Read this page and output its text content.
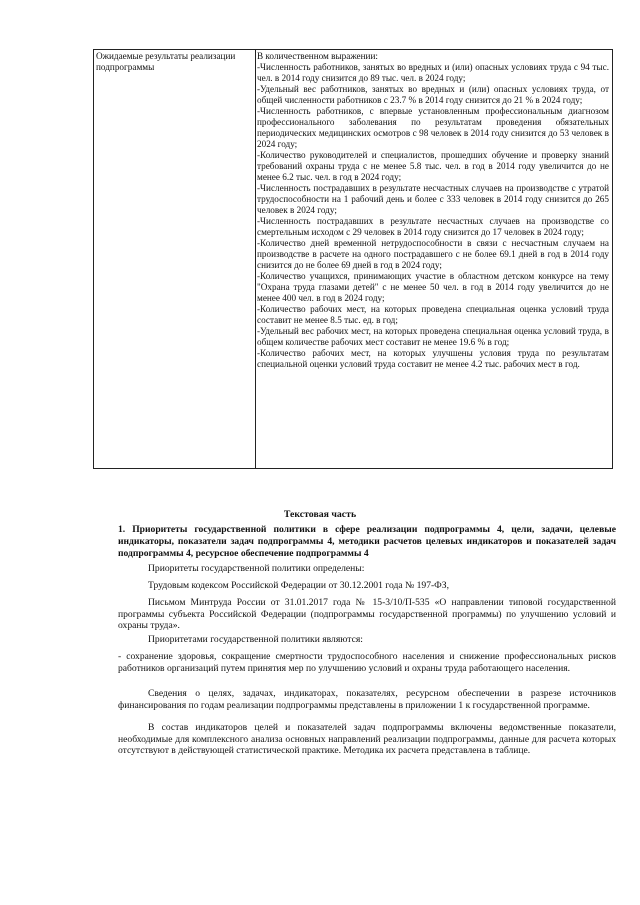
Ожидаемые результаты реализации подпрограммы

В количественном выражении:

-Численность работников, занятых во вредных и (или) опасных условиях труда с 94 тыс. чел. в 2014 году снизится до 89 тыс. чел. в 2024 году;

-Удельный вес работников, занятых во вредных и (или) опасных условиях труда, от общей численности работников с 23.7 % в 2014 году снизится до 21 % в 2024 году;

-Численность работников, с впервые установленным профессиональным диагнозом профессионального заболевания по результатам проведения обязательных периодических медицинских осмотров с 98 человек в 2014 году снизится до 53 человек в 2024 году;

-Количество руководителей и специалистов, прошедших обучение и проверку знаний требований охраны труда с не менее 5.8 тыс. чел. в год в 2014 году увеличится до не менее 6.2 тыс. чел. в год в 2024 году;

-Численность пострадавших в результате несчастных случаев на производстве с утратой трудоспособности на 1 рабочий день и более с 333 человек в 2014 году снизится до 265 человек в 2024 году;

-Численность пострадавших в результате несчастных случаев на производстве со смертельным исходом с 29 человек в 2014 году снизится до 17 человек в 2024 году;

-Количество дней временной нетрудоспособности в связи с несчастным случаем на производстве в расчете на одного пострадавшего с не более 69.1 дней в год в 2014 году снизится до не более 69 дней в год в 2024 году;

-Количество учащихся, принимающих участие в областном детском конкурсе на тему "Охрана труда глазами детей" с не менее 50 чел. в год в 2014 году увеличится до не менее 400 чел. в год в 2024 году;

-Количество рабочих мест, на которых проведена специальная оценка условий труда составит не менее 8.5 тыс. ед. в год;

-Удельный вес рабочих мест, на которых проведена специальная оценка условий труда, в общем количестве рабочих мест составит не менее 19.6 % в год;

-Количество рабочих мест, на которых улучшены условия труда по результатам специальной оценки условий труда составит не менее 4.2 тыс. рабочих мест в год.

Текстовая часть
1. Приоритеты государственной политики в сфере реализации подпрограммы 4, цели, задачи, целевые индикаторы, показатели задач подпрограммы 4, методики расчетов целевых индикаторов и показателей задач подпрограммы 4, ресурсное обеспечение подпрограммы 4

Приоритеты государственной политики определены:

Трудовым кодексом Российской Федерации от 30.12.2001 года № 197-ФЗ,

Письмом Минтруда России от 31.01.2017 года № 15-3/10/П-535 «О направлении типовой государственной программы субъекта Российской Федерации (подпрограммы государственной программы) по улучшению условий и охраны труда».

Приоритетами государственной политики являются:

- сохранение здоровья, сокращение смертности трудоспособного населения и снижение профессиональных рисков работников организаций путем принятия мер по улучшению условий и охраны труда работающего населения.

Сведения о целях, задачах, индикаторах, показателях, ресурсном обеспечении в разрезе источников финансирования по годам реализации подпрограммы представлены в приложении 1 к государственной программе.

В состав индикаторов целей и показателей задач подпрограммы включены ведомственные показатели, необходимые для комплексного анализа основных направлений реализации подпрограммы, данные для расчета которых отсутствуют в действующей статистической практике. Методика их расчета представлена в таблице.
